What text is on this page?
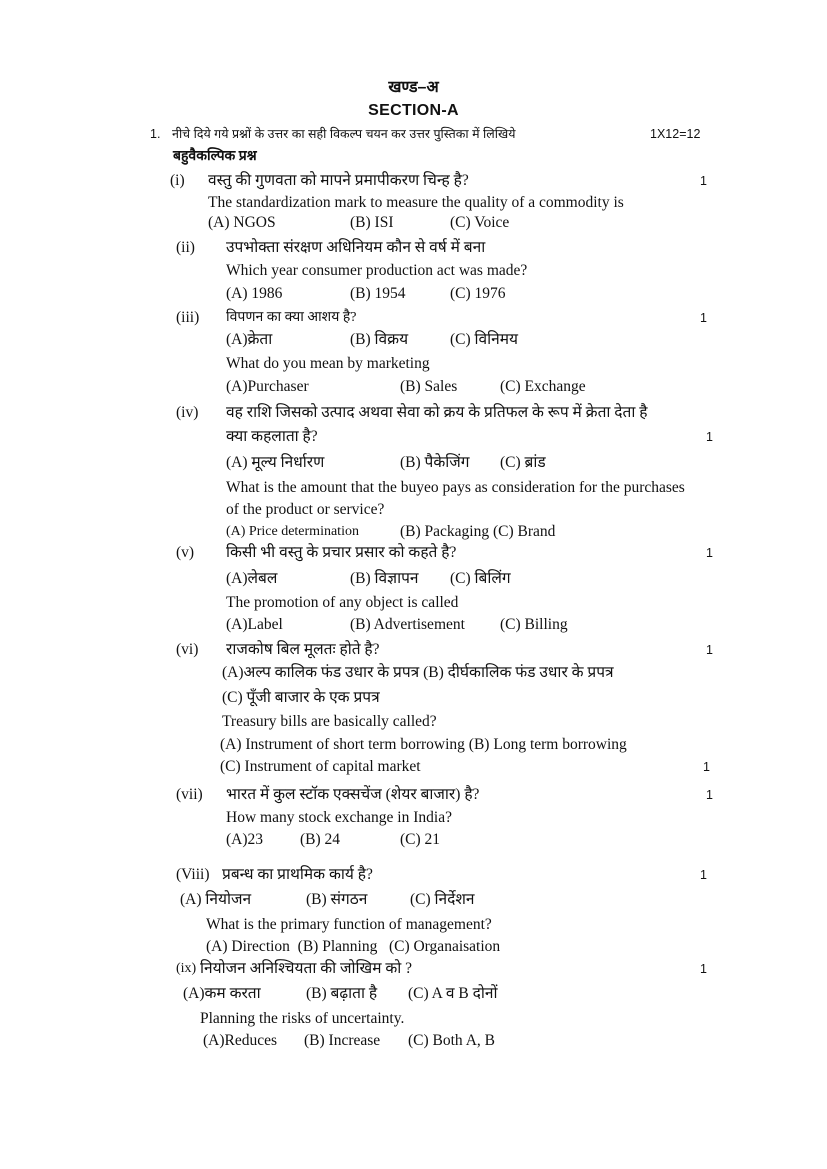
खण्ड–अ
SECTION-A
1. नीचे दिये गये प्रश्नों के उत्तर का सही विकल्प चयन कर उत्तर पुस्तिका में लिखिये	1X12=12
बहुवैकल्पिक प्रश्न
(i) वस्तु की गुणवता को मापने प्रमापीकरण चिन्ह है?	1
The standardization mark to measure the quality of a commodity is
(A) NGOS	(B) ISI	(C) Voice
(ii) उपभोक्ता संरक्षण अधिनियम कौन से वर्ष में बना
Which year consumer production act was made?
(A) 1986	(B) 1954	(C) 1976
(iii) विपणन का क्या आशय है?	1
(A)क्रेता	(B) विक्रय	(C) विनिमय
What do you mean by marketing
(A)Purchaser	(B) Sales	(C) Exchange
(iv) वह राशि जिसको उत्पाद अथवा सेवा को क्रय के प्रतिफल के रूप में क्रेता देता है
क्या कहलाता है?	1
(A) मूल्य निर्धारण	(B) पैकेजिंग (C) ब्रांड
What is the amount that the buyeo pays as consideration for the purchases
of the product or service?
(A) Price determination	(B) Packaging (C) Brand
(v) किसी भी वस्तु के प्रचार प्रसार को कहते है?	1
(A)लेबल	(B) विज्ञापन (C) बिलिंग
The promotion of any object is called
(A)Label	(B) Advertisement (C) Billing
(vi) राजकोष बिल मूलतः होते है?	1
(A)अल्प कालिक फंड उधार के प्रपत्र (B) दीर्घकालिक फंड उधार के प्रपत्र
(C) पूँजी बाजार के एक प्रपत्र
Treasury bills are basically called?
(A) Instrument of short term borrowing (B) Long term borrowing
(C) Instrument of capital market	1
(vii) भारत में कुल स्टॉक एक्सचेंज (शेयर बाजार) है?	1
How many stock exchange in India?
(A)23 (B) 24	(C) 21
(Viii) प्रबन्ध का प्राथमिक कार्य है?	1
(A) नियोजन	(B) संगठन	(C) निर्देशन
What is the primary function of management?
(A) Direction  (B) Planning   (C) Organaisation
(ix) नियोजन अनिश्चियता की जोखिम को ?	1
(A)कम करता	(B) बढ़ाता है (C) A व B दोनों
Planning the risks of uncertainty.
(A)Reduces (B) Increase (C) Both A, B
